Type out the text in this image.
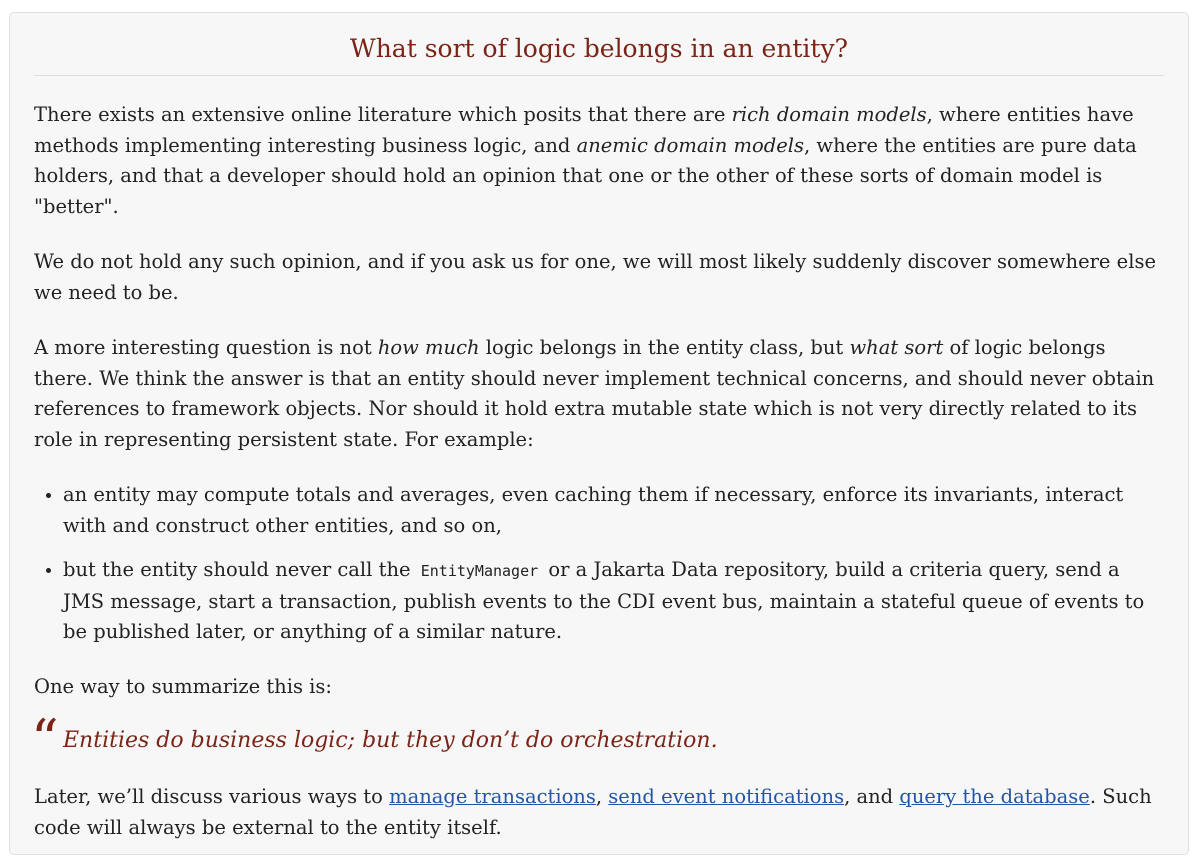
What sort of logic belongs in an entity?

There exists an extensive online literature which posits that there are rich domain models, where entities have methods implementing interesting business logic, and anemic domain models, where the entities are pure data holders, and that a developer should hold an opinion that one or the other of these sorts of domain model is "better".

We do not hold any such opinion, and if you ask us for one, we will most likely suddenly discover somewhere else we need to be.

A more interesting question is not how much logic belongs in the entity class, but what sort of logic belongs there. We think the answer is that an entity should never implement technical concerns, and should never obtain references to framework objects. Nor should it hold extra mutable state which is not very directly related to its role in representing persistent state. For example:

• an entity may compute totals and averages, even caching them if necessary, enforce its invariants, interact with and construct other entities, and so on,
• but the entity should never call the EntityManager or a Jakarta Data repository, build a criteria query, send a JMS message, start a transaction, publish events to the CDI event bus, maintain a stateful queue of events to be published later, or anything of a similar nature.

One way to summarize this is:

“ Entities do business logic; but they don’t do orchestration.

Later, we’ll discuss various ways to manage transactions, send event notifications, and query the database. Such code will always be external to the entity itself.
